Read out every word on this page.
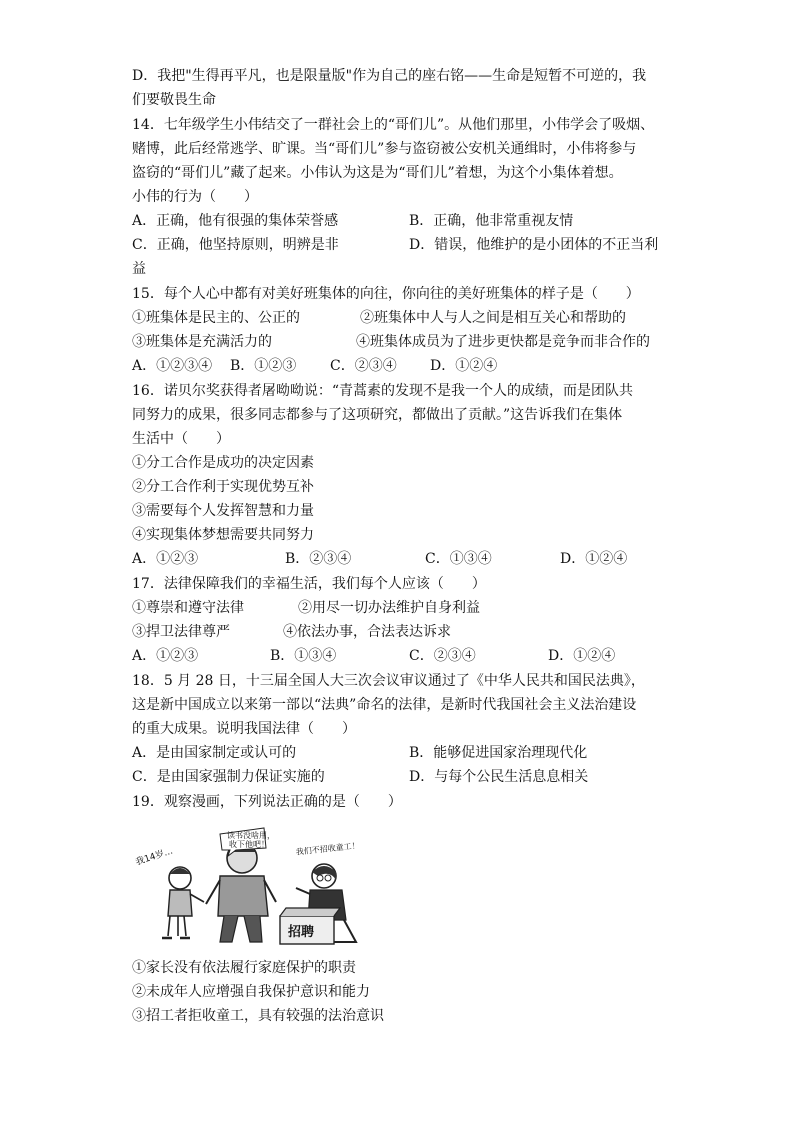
D．我把"生得再平凡，也是限量版"作为自己的座右铭——生命是短暂不可逆的，我
们要敬畏生命
14．七年级学生小伟结交了一群社会上的“哥们儿”。从他们那里，小伟学会了吸烟、
赌博，此后经常逃学、旷课。当“哥们儿”参与盗窃被公安机关通缉时，小伟将参与
盗窃的“哥们儿”藏了起来。小伟认为这是为“哥们儿”着想，为这个小集体着想。
小伟的行为（　　）
A．正确，他有很强的集体荣誉感	B．正确，他非常重视友情
C．正确，他坚持原则，明辨是非	D．错误，他维护的是小团体的不正当利
益
15．每个人心中都有对美好班集体的向往，你向往的美好班集体的样子是（　　）
①班集体是民主的、公正的	②班集体中人与人之间是相互关心和帮助的
③班集体是充满活力的	④班集体成员为了进步更快都是竞争而非合作的
A．①②③④ B．①②③ C．②③④ D．①②④
16．诺贝尔奖获得者屠呦呦说：“青蒿素的发现不是我一个人的成绩，而是团队共
同努力的成果，很多同志都参与了这项研究，都做出了贡献。”这告诉我们在集体
生活中（　　）
①分工合作是成功的决定因素
②分工合作利于实现优势互补
③需要每个人发挥智慧和力量
④实现集体梦想需要共同努力
A．①②③	B．②③④	C．①③④	D．①②④
17．法律保障我们的幸福生活，我们每个人应该（　　）
①尊崇和遵守法律	②用尽一切办法维护自身利益
③捍卫法律尊严	④依法办事，合法表达诉求
A．①②③	B．①③④	C．②③④	D．①②④
18．5 月 28 日，十三届全国人大三次会议审议通过了《中华人民共和国民法典》，
这是新中国成立以来第一部以“法典”命名的法律，是新时代我国社会主义法治建设
的重大成果。说明我国法律（　　）
A．是由国家制定或认可的	B．能够促进国家治理现代化
C．是由国家强制力保证实施的	D．与每个公民生活息息相关
19．观察漫画，下列说法正确的是（　　）
我14岁…
读书没啥用，
收下他吧！	我们不招收童工！
招聘
①家长没有依法履行家庭保护的职责
②未成年人应增强自我保护意识和能力
③招工者拒收童工，具有较强的法治意识
